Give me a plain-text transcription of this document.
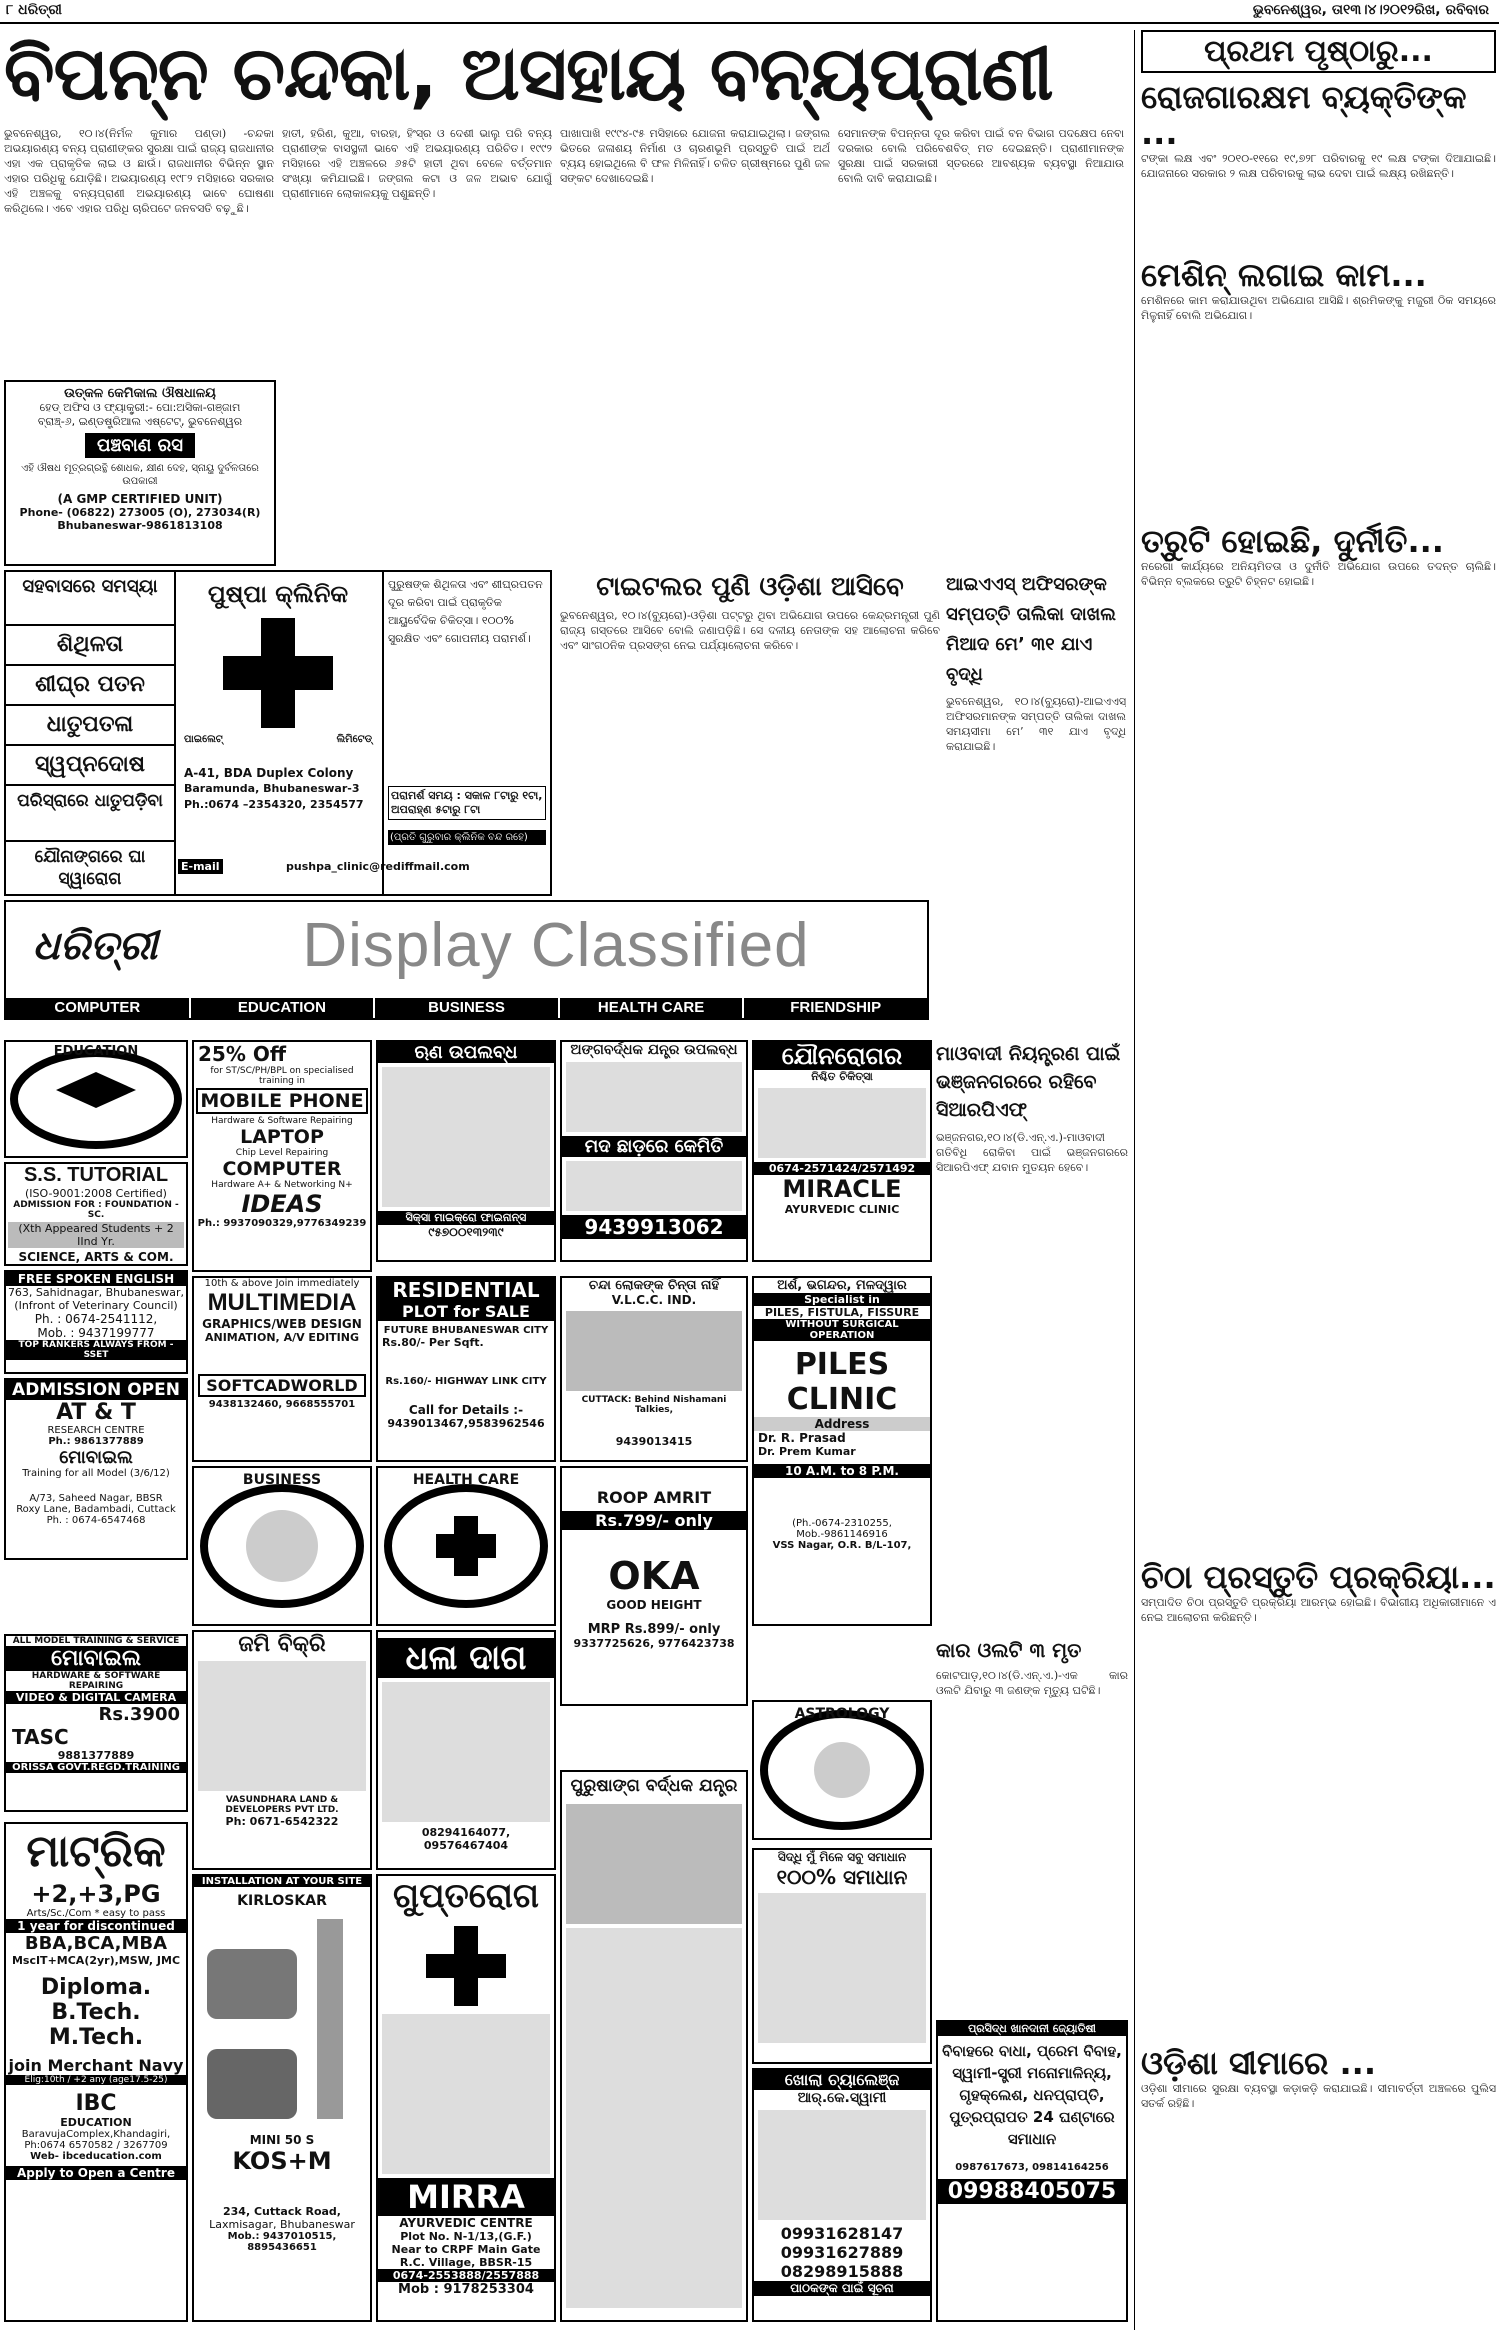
୮ ଧରିତ୍ରୀ	ଭୁବନେଶ୍ୱର, ତା୧୩।୪।୨୦୧୨ରିଖ, ରବିବାର
ବିପନ୍ନ ଚନ୍ଦକା, ଅସହାୟ ବନ୍ୟପ୍ରାଣୀ
ଭୁବନେଶ୍ୱର, ୧୦।୪(ନିର୍ମଳ କୁମାର ପଣ୍ଡା) -ଚନ୍ଦକା ଅଭୟାରଣ୍ୟ ବନ୍ୟ ପ୍ରାଣୀଙ୍କର ସୁରକ୍ଷା ପାଇଁ ରାଜ୍ୟ ରାଜଧାନୀର ଏହା ଏକ ପ୍ରାକୃତିକ ଲାଇ ଓ ଛାଉଁ। ରାଜଧାନୀର ବିଭିନ୍ନ ସ୍ଥାନ ଏହାର ପରିଧିକୁ ଯୋଡ଼ିଛି। ଅଭୟାରଣ୍ୟ ୧୯୮୨ ମସିହାରେ ସରକାର ଏହି ଅଞ୍ଚଳକୁ ବନ୍ୟପ୍ରାଣୀ ଅଭୟାରଣ୍ୟ ଭାବେ ଘୋଷଣା କରିଥିଲେ। ଏବେ ଏହାର ପରିଧି ଚାରିପଟେ ଜନବସତି ବଢ଼ୁଛି।
ହାତୀ, ହରିଣ, କୁଆ, ବାରହା, ହିଂସ୍ର ଓ ଦେଶୀ ଭାଲୁ ପରି ବନ୍ୟ ପ୍ରାଣୀଙ୍କ ବାସସ୍ଥଳୀ ଭାବେ ଏହି ଅଭୟାରଣ୍ୟ ପରିଚିତ। ୧୯୯୨ ମସିହାରେ ଏହି ଅଞ୍ଚଳରେ ୬୫ଟି ହାତୀ ଥିବା ବେଳେ ବର୍ତ୍ତମାନ ସଂଖ୍ୟା କମିଯାଇଛି। ଜଙ୍ଗଲ କଟା ଓ ଜଳ ଅଭାବ ଯୋଗୁଁ ପ୍ରାଣୀମାନେ ଲୋକାଳୟକୁ ପଶୁଛନ୍ତି।
ପାଖାପାଖି ୧୯୯୪-୯୫ ମସିହାରେ ଯୋଜନା କରାଯାଇଥିଲା। ଜଙ୍ଗଲ ଭିତରେ ଜଳାଶୟ ନିର୍ମାଣ ଓ ଚାରଣଭୂମି ପ୍ରସ୍ତୁତି ପାଇଁ ଅର୍ଥ ବ୍ୟୟ ହୋଇଥିଲେ ବି ଫଳ ମିଳିନାହିଁ। ଚଳିତ ଗ୍ରୀଷ୍ମରେ ପୁଣି ଜଳ ସଙ୍କଟ ଦେଖାଦେଇଛି।
ସେମାନଙ୍କ ବିପନ୍ନତା ଦୂର କରିବା ପାଇଁ ବନ ବିଭାଗ ପଦକ୍ଷେପ ନେବା ଦରକାର ବୋଲି ପରିବେଶବିତ୍ ମତ ଦେଇଛନ୍ତି। ପ୍ରାଣୀମାନଙ୍କ ସୁରକ୍ଷା ପାଇଁ ସରକାରୀ ସ୍ତରରେ ଆବଶ୍ୟକ ବ୍ୟବସ୍ଥା ନିଆଯାଉ ବୋଲି ଦାବି କରାଯାଇଛି।
ଉତ୍କଳ କେମିକାଲ ଔଷଧାଳୟ
ହେଡ୍ ଅଫିସ ଓ ଫ୍ୟାକ୍ଟ୍ରୀ:- ପୋ:ଅସିକା-ଗଞ୍ଜାମ
ବ୍ରାଞ୍ଚ୍-୬, ଇଣ୍ଡଷ୍ଟ୍ରିଆଲ ଏଷ୍ଟେଟ୍, ଭୁବନେଶ୍ୱର
ପଞ୍ଚବାଣ ରସ
ଏହି ଔଷଧ ମୂତ୍ରଗ୍ରନ୍ଥି ଶୋଧକ, କ୍ଷୀଣ ଦେହ, ସ୍ନାୟୁ ଦୁର୍ବଳତାରେ ଉପକାରୀ
(A GMP CERTIFIED UNIT)
Phone- (06822) 273005 (O), 273034(R)
Bhubaneswar-9861813108
ସହବାସରେ ସମସ୍ୟା
ଶିଥିଳତା
ଶୀଘ୍ର ପତନ
ଧାତୁପତଳା
ସ୍ୱପ୍ନଦୋଷ
ପରିସ୍ରାରେ ଧାତୁପଡ଼ିବା
ଯୌନାଙ୍ଗରେ ଘା ସ୍ୱାରୋଗ
ପୁଷ୍ପା କ୍ଲିନିକ
ପାଇଲେଟ୍	ଲିମିଟେଡ୍
A-41, BDA Duplex Colony
Baramunda, Bhubaneswar-3
Ph.:0674 –2354320, 2354577
E-mail	pushpa_clinic@rediffmail.com
ପୁରୁଷଙ୍କ ଶିଥିଳତା ଏବଂ ଶୀଘ୍ରପତନ ଦୂର କରିବା ପାଇଁ ପ୍ରାକୃତିକ ଆୟୁର୍ବେଦିକ ଚିକିତ୍ସା। ୧୦୦% ସୁରକ୍ଷିତ ଏବଂ ଗୋପନୀୟ ପରାମର୍ଶ।
ପରାମର୍ଶ ସମୟ : ସକାଳ ୮ଟାରୁ ୧ଟା, ଅପରାହ୍ଣ ୫ଟାରୁ ୮ଟା
(ପ୍ରତି ଗୁରୁବାର କ୍ଲିନିକ ବନ୍ଦ ରହେ)
ଟାଇଟଲର ପୁଣି ଓଡ଼ିଶା ଆସିବେ
ଭୁବନେଶ୍ୱର, ୧୦।୪(ବ୍ୟୁରୋ)-ଓଡ଼ିଶା ପଟ୍ଟରୁ ଥିବା ଅଭିଯୋଗ ଉପରେ କେନ୍ଦ୍ରମନ୍ତ୍ରୀ ପୁଣି ରାଜ୍ୟ ଗସ୍ତରେ ଆସିବେ ବୋଲି ଜଣାପଡ଼ିଛି। ସେ ଦଳୀୟ ନେତାଙ୍କ ସହ ଆଲୋଚନା କରିବେ ଏବଂ ସାଂଗଠନିକ ପ୍ରସଙ୍ଗ ନେଇ ପର୍ଯ୍ୟାଲୋଚନା କରିବେ।
ଆଇଏଏସ୍ ଅଫିସରଙ୍କ ସମ୍ପତ୍ତି ତାଲିକା ଦାଖଲ ମିଆଦ ମେ’ ୩୧ ଯାଏ ବୃଦ୍ଧି
ଭୁବନେଶ୍ୱର, ୧୦।୪(ବ୍ୟୁରୋ)-ଆଇଏଏସ୍ ଅଫିସରମାନଙ୍କ ସମ୍ପତ୍ତି ତାଲିକା ଦାଖଲ ସମୟସୀମା ମେ’ ୩୧ ଯାଏ ବୃଦ୍ଧି କରାଯାଇଛି।
ପ୍ରଥମ ପୃଷ୍ଠାରୁ...
ରୋଜଗାରକ୍ଷମ ବ୍ୟକ୍ତିଙ୍କ ...
ଟଙ୍କା ଲକ୍ଷ ଏବଂ ୨୦୧୦-୧୧ରେ ୧୯,୭୨୮ ପରିବାରକୁ ୧୯ ଲକ୍ଷ ଟଙ୍କା ଦିଆଯାଇଛି। ଯୋଜନାରେ ସରକାର ୨ ଲକ୍ଷ ପରିବାରକୁ ଲାଭ ଦେବା ପାଇଁ ଲକ୍ଷ୍ୟ ରଖିଛନ୍ତି।
ମେଶିନ୍ ଲଗାଇ କାମ...
ମେଶିନରେ କାମ କରାଯାଉଥିବା ଅଭିଯୋଗ ଆସିଛି। ଶ୍ରମିକଙ୍କୁ ମଜୁରୀ ଠିକ ସମୟରେ ମିଳୁନାହିଁ ବୋଲି ଅଭିଯୋଗ।
ତ୍ରୁଟି ହୋଇଛି, ଦୁର୍ନୀତି...
ନରେଗା କାର୍ଯ୍ୟରେ ଅନିୟମିତତା ଓ ଦୁର୍ନୀତି ଅଭିଯୋଗ ଉପରେ ତଦନ୍ତ ଚାଲିଛି। ବିଭିନ୍ନ ବ୍ଲକରେ ତ୍ରୁଟି ଚିହ୍ନଟ ହୋଇଛି।
ଚିଠା ପ୍ରସ୍ତୁତି ପ୍ରକ୍ରିୟା...
ସମ୍ପାଦିତ ଚିଠା ପ୍ରସ୍ତୁତି ପ୍ରକ୍ରିୟା ଆରମ୍ଭ ହୋଇଛି। ବିଭାଗୀୟ ଅଧିକାରୀମାନେ ଏ ନେଇ ଆଲୋଚନା କରିଛନ୍ତି।
ଓଡ଼ିଶା ସୀମାରେ ...
ଓଡ଼ିଶା ସୀମାରେ ସୁରକ୍ଷା ବ୍ୟବସ୍ଥା କଡ଼ାକଡ଼ି କରାଯାଇଛି। ସୀମାବର୍ତ୍ତୀ ଅଞ୍ଚଳରେ ପୁଲିସ ସତର୍କ ରହିଛି।
ଧରିତ୍ରୀ	Display Classified
COMPUTER	EDUCATION	BUSINESS	HEALTH CARE	FRIENDSHIP
ମାଓବାଦୀ ନିୟନ୍ତ୍ରଣ ପାଇଁ ଭଞ୍ଜନଗରରେ ରହିବେ ସିଆରପିଏଫ୍
ଭଞ୍ଜନଗର,୧୦।୪(ଡି.ଏନ୍.ଏ.)-ମାଓବାଦୀ ଗତିବିଧି ରୋକିବା ପାଇଁ ଭଞ୍ଜନଗରରେ ସିଆରପିଏଫ୍ ଯବାନ ମୁତୟନ ହେବେ।
କାର ଓଲଟି ୩ ମୃତ
କୋଟପାଡ଼,୧୦।୪(ଡି.ଏନ୍.ଏ.)-ଏକ କାର ଓଲଟି ଯିବାରୁ ୩ ଜଣଙ୍କ ମୃତ୍ୟୁ ଘଟିଛି।
EDUCATION
S.S. TUTORIAL
(ISO-9001:2008 Certified)
ADMISSION FOR : FOUNDATION - SC.
(Xth Appeared Students + 2 IInd Yr.
SCIENCE, ARTS & COM.
FREE SPOKEN ENGLISH
763, Sahidnagar, Bhubaneswar,
(Infront of Veterinary Council)
Ph. : 0674-2541112,
Mob. : 9437199777
TOP RANKERS ALWAYS FROM - SSET
ADMISSION OPEN
AT & T
RESEARCH CENTRE
Ph.: 9861377889
ମୋବାଇଲ
Training for all Model (3/6/12)
A/73, Saheed Nagar, BBSR
Roxy Lane, Badambadi, Cuttack
Ph. : 0674-6547468
ALL MODEL TRAINING & SERVICE
ମୋବାଇଲ
HARDWARE & SOFTWARE REPAIRING
VIDEO & DIGITAL CAMERA
Rs.3900
TASC
9881377889
ORISSA GOVT.REGD.TRAINING
ମାଟ୍ରିକ
+2,+3,PG
Arts/Sc./Com * easy to pass
1 year for discontinued
BBA,BCA,MBA
MscIT+MCA(2yr),MSW, JMC
Diploma.
B.Tech.
M.Tech.
join Merchant Navy
Elig:10th / +2 any (age17.5-25)
IBC
EDUCATION
BaravujaComplex,Khandagiri,
Ph:0674 6570582 / 3267709
Web- ibceducation.com
Apply to Open a Centre
25% Off
for ST/SC/PH/BPL on specialised training in
MOBILE PHONE
Hardware & Software Repairing
LAPTOP
Chip Level Repairing
COMPUTER
Hardware A+ & Networking N+
IDEAS
Ph.: 9937090329,9776349239
10th & above Join immediately
MULTIMEDIA
GRAPHICS/WEB DESIGN
ANIMATION, A/V EDITING
SOFTCADWORLD
9438132460, 9668555701
BUSINESS
ଜମି ବିକ୍ରି
VASUNDHARA LAND & DEVELOPERS PVT LTD.
Ph: 0671-6542322
INSTALLATION AT YOUR SITE
KIRLOSKAR
MINI 50 S
KOS+M
234, Cuttack Road,
Laxmisagar, Bhubaneswar
Mob.: 9437010515, 8895436651
ଋଣ ଉପଲବ୍ଧ
ସିକ୍ସା ମାଇକ୍ରୋ ଫାଇନାନ୍ସ
୯୫୭୦୦୧୩୨୩୯
RESIDENTIAL
PLOT for SALE
FUTURE BHUBANESWAR CITY
Rs.80/- Per Sqft.
Rs.160/- HIGHWAY LINK CITY
Call for Details :-
9439013467,9583962546
HEALTH CARE
ଧଳା ଦାଗ
08294164077, 09576467404
ଗୁପ୍ତରୋଗ
MIRRA
AYURVEDIC CENTRE
Plot No. N-1/13,(G.F.)
Near to CRPF Main Gate
R.C. Village, BBSR-15
0674-2553888/2557888
Mob : 9178253304
ଅଙ୍ଗବର୍ଦ୍ଧକ ଯନ୍ତ୍ର ଉପଲବ୍ଧ
ମଦ ଛାଡ଼ରେ କେମିତି
9439913062
ଚନ୍ଦା ଲୋକଙ୍କ ଚିନ୍ତା ନାହିଁ
V.L.C.C. IND.
CUTTACK: Behind Nishamani Talkies,
9439013415
ROOP AMRIT
Rs.799/- only
OKA
GOOD HEIGHT
MRP Rs.899/- only
9337725626, 9776423738
ପୁରୁଷାଙ୍ଗ ବର୍ଦ୍ଧକ ଯନ୍ତ୍ର
ଯୌନରୋଗର
ନିଶ୍ଚିତ ଚିକିତ୍ସା
0674-2571424/2571492
MIRACLE
AYURVEDIC CLINIC
ଅର୍ଶ, ଭଗନ୍ଦର, ମଳଦ୍ୱାର
Specialist in
PILES, FISTULA, FISSURE
WITHOUT SURGICAL OPERATION
PILES
CLINIC
Address
Dr. R. Prasad
Dr. Prem Kumar
10 A.M. to 8 P.M.
(Ph.-0674-2310255, Mob.-9861146916
VSS Nagar, O.R. B/L-107,
ASTROLOGY
ସିଦ୍ଧି ମୁଁ ମିଳେ ସବୁ ସମାଧାନ
୧୦୦% ସମାଧାନ
ଖୋଲା ଚ୍ୟାଲେଞ୍ଜ
ଆର୍.କେ.ସ୍ୱାମୀ
09931628147
09931627889
08298915888
ପାଠକଙ୍କ ପାଇଁ ସୂଚନା
ପ୍ରସିଦ୍ଧ ଖାନଦାନୀ ଜ୍ୟୋତିଷୀ
ବିବାହରେ ବାଧା, ପ୍ରେମ ବିବାହ, ସ୍ୱାମୀ-ସ୍ତ୍ରୀ ମନୋମାଳିନ୍ୟ, ଗୃହକ୍ଲେଶ, ଧନପ୍ରାପ୍ତି, ପୁତ୍ରପ୍ରାପତ 24 ଘଣ୍ଟାରେ ସମାଧାନ
0987617673, 09814164256
09988405075
